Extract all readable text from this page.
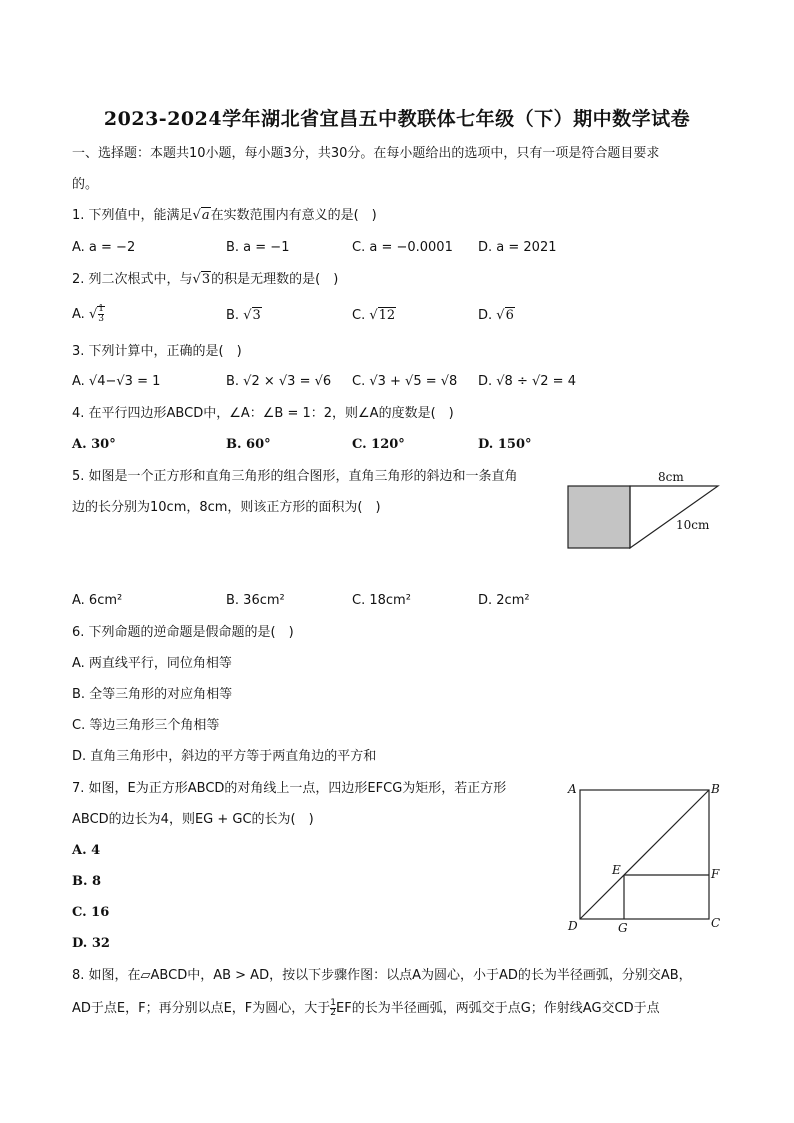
2023-2024学年湖北省宜昌五中教联体七年级（下）期中数学试卷
一、选择题：本题共10小题，每小题3分，共30分。在每小题给出的选项中，只有一项是符合题目要求
的。
1. 下列值中，能满足√a在实数范围内有意义的是(　)
A. a = −2	B. a = −1	C. a = −0.0001 D. a = 2021
2. 列二次根式中，与√3的积是无理数的是(　)
A. √ $\frac{1}{3}$	B. √3	C. √12	D. √6
3. 下列计算中，正确的是(　)
A. √4−√3 = 1	B. √2 × √3 = √6 C. √3 + √5 = √8 D. √8 ÷ √2 = 4
4. 在平行四边形ABCD中，∠A：∠B = 1：2，则∠A的度数是(　)
A. 30°	B. 60°	C. 120°	D. 150°
5. 如图是一个正方形和直角三角形的组合图形，直角三角形的斜边和一条直角
边的长分别为10cm，8cm，则该正方形的面积为(　)
8cm
10cm
A. 6cm²	B. 36cm²	C. 18cm²	D. 2cm²
6. 下列命题的逆命题是假命题的是(　)
A. 两直线平行，同位角相等
B. 全等三角形的对应角相等
C. 等边三角形三个角相等
D. 直角三角形中，斜边的平方等于两直角边的平方和
7. 如图，E为正方形ABCD的对角线上一点，四边形EFCG为矩形，若正方形
ABCD的边长为4，则EG + GC的长为(　)
A. 4
B. 8
C. 16
D. 32
A	B
C
D
E	F
G
8. 如图，在▱ABCD中，AB > AD，按以下步骤作图：以点A为圆心，小于AD的长为半径画弧，分别交AB，
AD于点E，F；再分别以点E，F为圆心，大于 $\frac{1}{2}$ EF的长为半径画弧，两弧交于点G；作射线AG交CD于点
